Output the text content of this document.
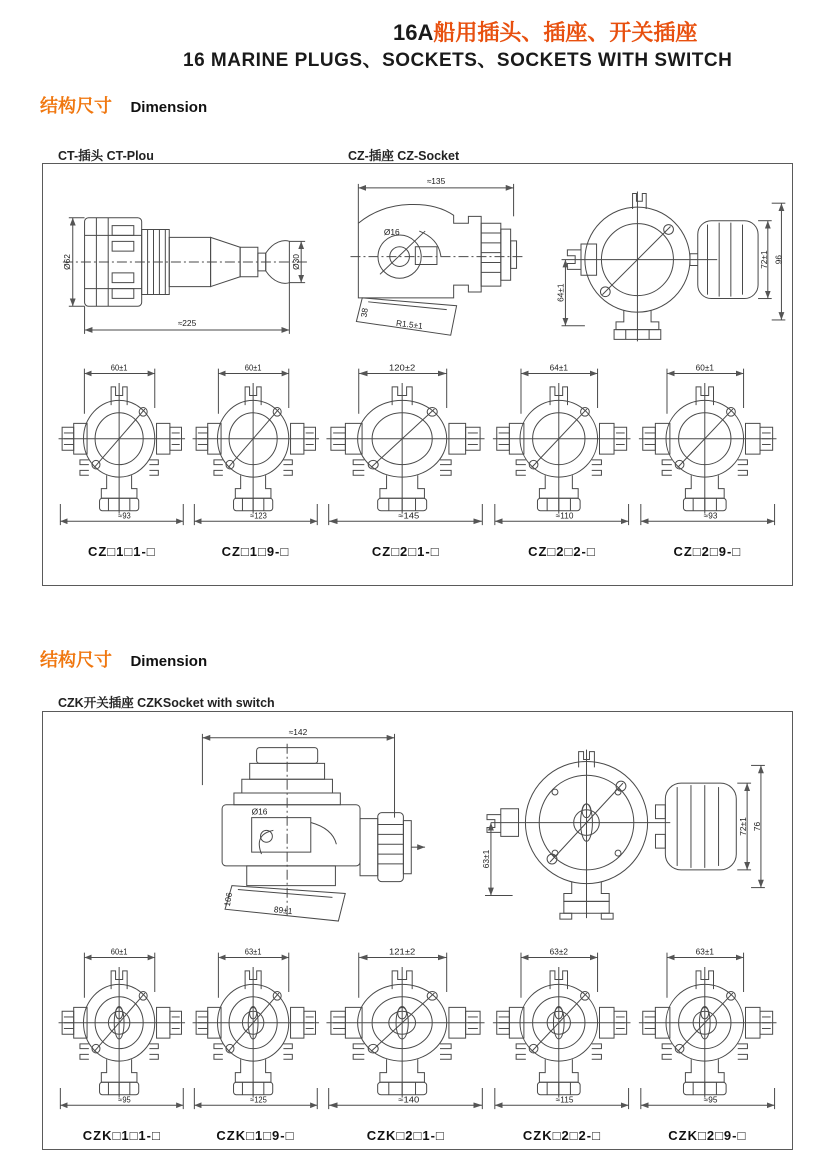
16A船用插头、插座、开关插座
16 MARINE PLUGS、SOCKETS、SOCKETS WITH SWITCH
结构尺寸 Dimension
CT-插头 CT-Plou	CZ-插座 CZ-Socket
Ø62	Ø30
≈225
≈135
Ø16
38
R1.5±1
64±1
72±1 96
60±1
≈93
CZ□1□1-□
60±1
≈123
CZ□1□9-□
120±2
≈145
CZ□2□1-□
64±1
≈110
CZ□2□2-□
60±1
≈93
CZ□2□9-□
结构尺寸 Dimension
CZK开关插座 CZKSocket with switch
≈142
Ø16
106
89±1
63±1
72±1 76
60±1
≈95
CZK□1□1-□
63±1
≈125
CZK□1□9-□
121±2
≈140
CZK□2□1-□
63±2
≈115
CZK□2□2-□
63±1
≈95
CZK□2□9-□
